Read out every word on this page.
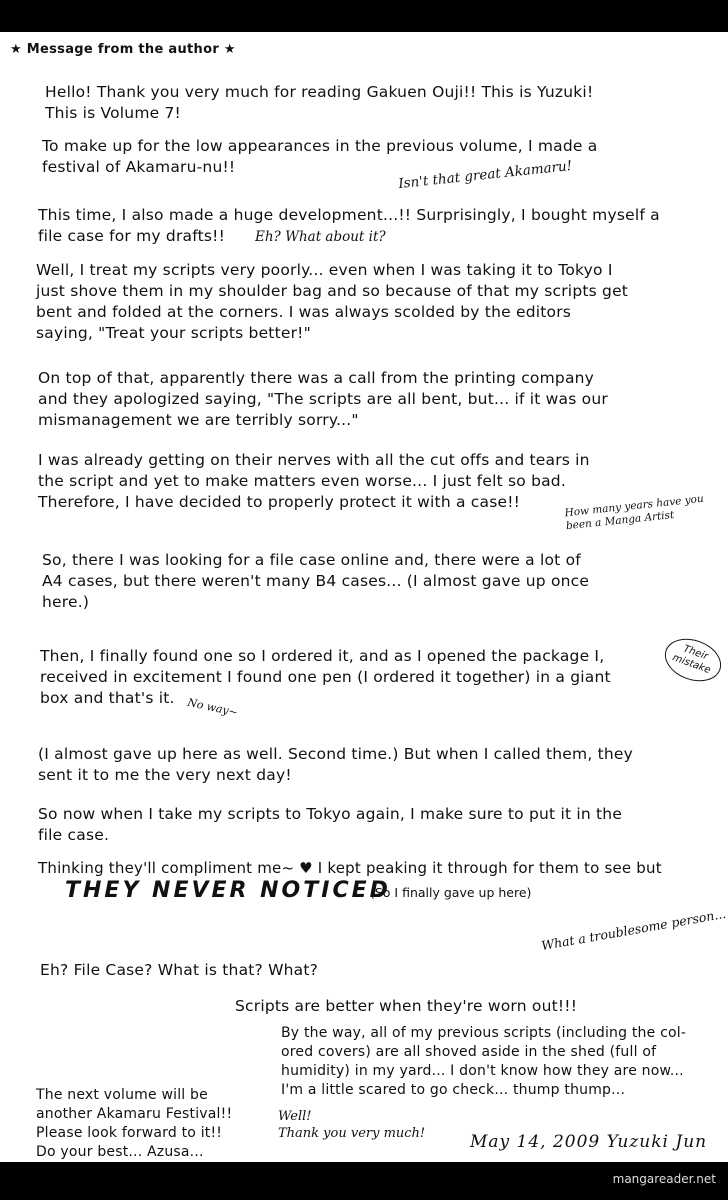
★ Message from the author ★
Hello! Thank you very much for reading Gakuen Ouji!! This is Yuzuki!
This is Volume 7!
To make up for the low appearances in the previous volume, I made a
festival of Akamaru-nu!!	Isn't that great Akamaru!
This time, I also made a huge development...!! Surprisingly, I bought myself a
file case for my drafts!!	Eh? What about it?
Well, I treat my scripts very poorly... even when I was taking it to Tokyo I
just shove them in my shoulder bag and so because of that my scripts get
bent and folded at the corners. I was always scolded by the editors
saying, "Treat your scripts better!"
On top of that, apparently there was a call from the printing company
and they apologized saying, "The scripts are all bent, but... if it was our
mismanagement we are terribly sorry..."
I was already getting on their nerves with all the cut offs and tears in
the script and yet to make matters even worse... I just felt so bad.
Therefore, I have decided to properly protect it with a case!!	How many years have you
been a Manga Artist
So, there I was looking for a file case online and, there were a lot of
A4 cases, but there weren't many B4 cases... (I almost gave up once
here.)
Then, I finally found one so I ordered it, and as I opened the package I,
received in excitement I found one pen (I ordered it together) in a giant
box and that's it.
Their mistake
No way~
(I almost gave up here as well. Second time.) But when I called them, they
sent it to me the very next day!
So now when I take my scripts to Tokyo again, I make sure to put it in the
file case.
Thinking they'll compliment me~ ♥ I kept peaking it through for them to see but
THEY NEVER NOTICED
(So I finally gave up here)
What a troublesome person...
Eh? File Case? What is that? What?
Scripts are better when they're worn out!!!
By the way, all of my previous scripts (including the col-
ored covers) are all shoved aside in the shed (full of
humidity) in my yard... I don't know how they are now...
I'm a little scared to go check... thump thump...
The next volume will be
another Akamaru Festival!!
Please look forward to it!!
Do your best... Azusa...
Well!
Thank you very much!	May 14, 2009 Yuzuki Jun
mangareader.net
